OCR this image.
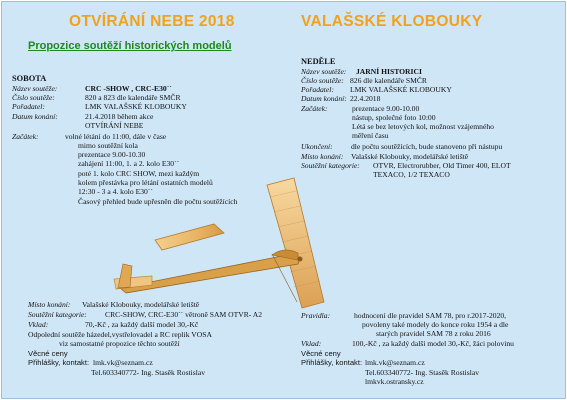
OTVÍRÁNÍ NEBE 2018	VALAŠSKÉ KLOBOUKY
Propozice soutěží historických modelů
SOBOTA
Název soutěže:	CRC -SHOW , CRC-E30´´
Číslo soutěže:	820 a 823 dle kalendáře SMČR
Pořadatel:	LMK VALAŠSKÉ KLOBOUKY
Datum konání:	21.4.2018 během akce
OTVÍRÁNÍ NEBE
Začátek:	volné létání do 11:00, dále v čase
mimo soutěžní kola
prezentace 9.00-10.30
zahájení 11:00, 1. a 2. kolo E30´´
poté 1. kolo CRC SHOW, mezi každým
kolem přestávka pro létání ostatních modelů
12:30 - 3 a 4. kolo E30´´
Časový přehled bude upřesněn dle počtu soutěžících
Místo konání: Valašské Klobouky, modelářské letiště
Soutěžní kategorie: CRC-SHOW, CRC-E30´´ větroně SAM OTVR- A2
Vklad:	70,-Kč , za každý další model 30,-Kč
Odpolední soutěže házedel,vystřelovadel a RC replik VOSA
viz samostatné propozice těchto soutěží
Věcné ceny
Přihlášky, kontakt: lmk.vk@seznam.cz
Tel.603340772- Ing. Stasěk Rostislav
NEDĚLE
Název soutěže: JARNÍ HISTORICI
Číslo soutěže: 826 dle kalendáře SMČR
Pořadatel: LMK VALAŠSKÉ KLOBOUKY
Datum konání: 22.4.2018
Začátek:	prezentace 9.00-10.00
nástup, společné foto 10:00
Létá se bez letových kol, možnost vzájemného
měření času
Ukončení: dle počtu soutěžících, bude stanoveno při nástupu
Místo konání: Valašské Klobouky, modelářské letiště
Soutěžní kategorie: OTVR, Electrorubber, Old Timer 400, ELOT
TEXACO, 1/2 TEXACO
Pravidla:	hodnocení dle pravidel SAM 78, pro r.2017-2020,
povoleny také modely do konce roku 1954 a dle
starých pravidel SAM 78 z roku 2016
Vklad:	100,-Kč , za každý další model 30,-Kč, žáci polovinu
Věcné ceny
Přihlášky, kontakt: lmk.vk@seznam.cz
Tel.603340772- Ing. Stasěk Rostislav
lmkvk.ostransky.cz
